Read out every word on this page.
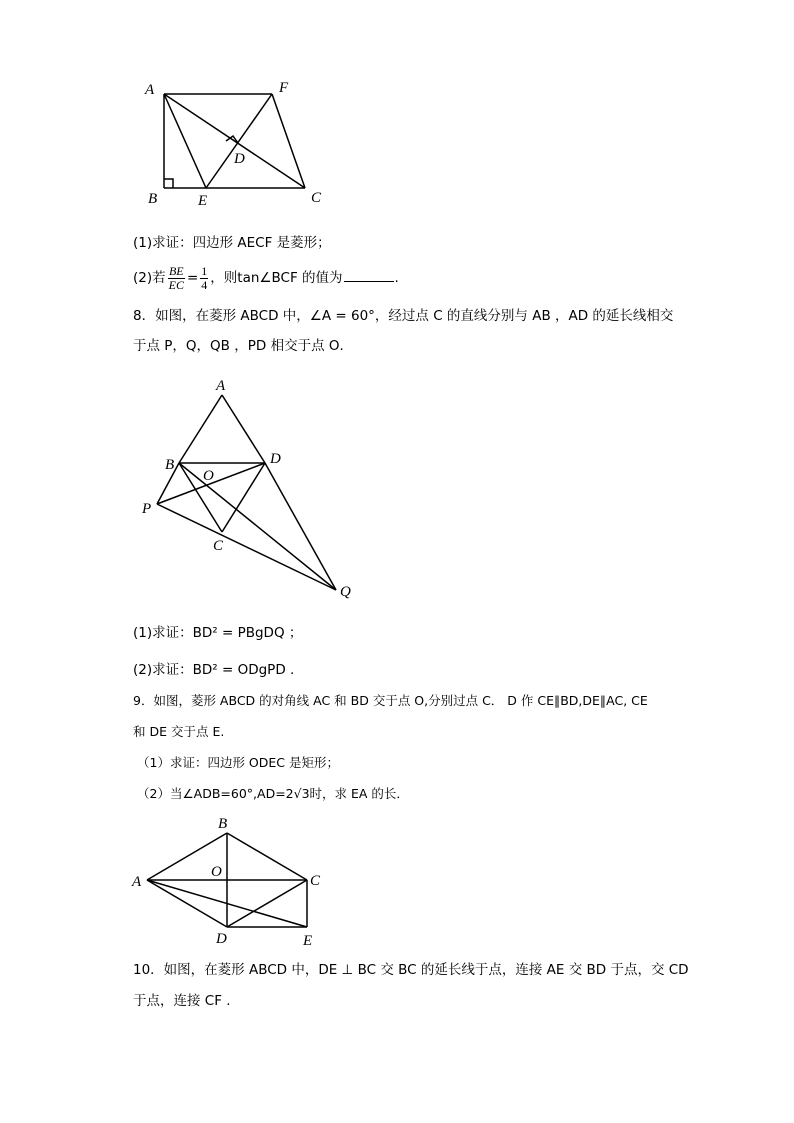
A	F
D
B	E	C
(1)求证：四边形 AECF 是菱形；
(2)若 $\frac{BE}{EC} = \frac{1}{4}$ ，则tan∠BCF 的值为	.
8．如图，在菱形 ABCD 中，∠A = 60°，经过点 C 的直线分别与 AB ，AD 的延长线相交
于点 P，Q，QB ，PD 相交于点 O．
A
B
O
D
P
C
Q
(1)求证：BD² = PBgDQ ；
(2)求证：BD² = ODgPD .
9．如图，菱形 ABCD 的对角线 AC 和 BD 交于点 O,分别过点 C． D 作 CE∥BD,DE∥AC, CE
和 DE 交于点 E.
（1）求证：四边形 ODEC 是矩形；
（2）当∠ADB=60°,AD=2√3时，求 EA 的长．
B
A
O
C
D	E
10．如图，在菱形 ABCD 中，DE ⊥ BC 交 BC 的延长线于点，连接 AE 交 BD 于点，交 CD
于点，连接 CF .
